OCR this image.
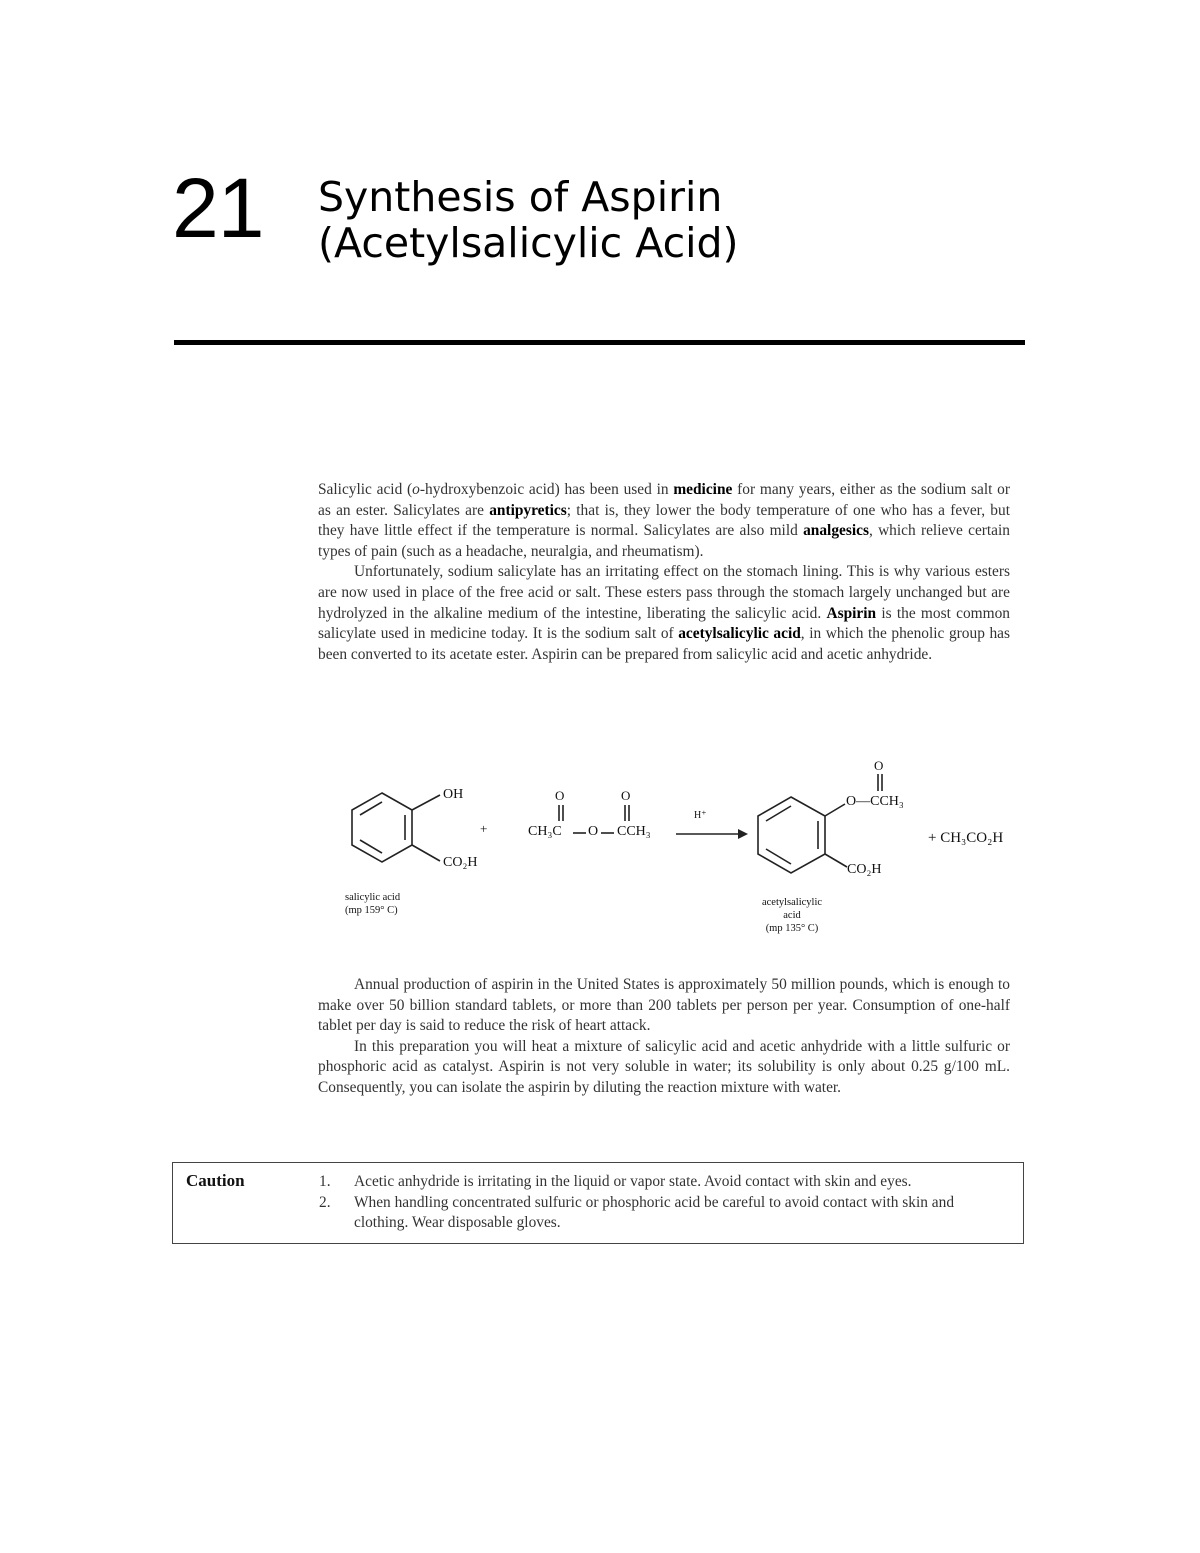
21 Synthesis of Aspirin
(Acetylsalicylic Acid)

Salicylic acid (o-hydroxybenzoic acid) has been used in medicine for many years, either as the sodium salt or as an ester. Salicylates are antipyretics; that is, they lower the body temperature of one who has a fever, but they have little effect if the temperature is normal. Salicylates are also mild analgesics, which relieve certain types of pain (such as a headache, neuralgia, and rheumatism).

Unfortunately, sodium salicylate has an irritating effect on the stomach lining. This is why various esters are now used in place of the free acid or salt. These esters pass through the stomach largely unchanged but are hydrolyzed in the alkaline medium of the intestine, liberating the salicylic acid. Aspirin is the most common salicylate used in medicine today. It is the sodium salt of acetylsalicylic acid, in which the phenolic group has been converted to its acetate ester. Aspirin can be prepared from salicylic acid and acetic anhydride.

OH
CO₂H
+
O	O
CH₃C O CCH₃
H⁺
O
O—CCH₃
CO₂H
+ CH₃CO₂H
salicylic acid
(mp 159° C)
acetylsalicylic
acid
(mp 135° C)

Annual production of aspirin in the United States is approximately 50 million pounds, which is enough to make over 50 billion standard tablets, or more than 200 tablets per person per year. Consumption of one-half tablet per day is said to reduce the risk of heart attack.

In this preparation you will heat a mixture of salicylic acid and acetic anhydride with a little sulfuric or phosphoric acid as catalyst. Aspirin is not very soluble in water; its solubility is only about 0.25 g/100 mL. Consequently, you can isolate the aspirin by diluting the reaction mixture with water.

Caution	1. Acetic anhydride is irritating in the liquid or vapor state. Avoid contact with skin and eyes.
2. When handling concentrated sulfuric or phosphoric acid be careful to avoid contact with skin and clothing. Wear disposable gloves.
